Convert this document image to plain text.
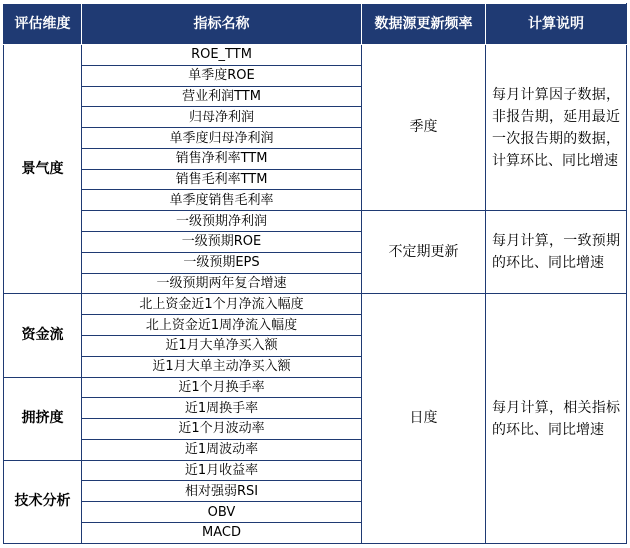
评估维度	指标名称	数据源更新频率	计算说明
景气度	ROE_TTM	季度	每月计算因子数据，非报告期，延用最近一次报告期的数据，计算环比、同比增速
	单季度ROE		
	营业利润TTM		
	归母净利润		
	单季度归母净利润		
	销售净利率TTM		
	销售毛利率TTM		
	单季度销售毛利率		
	一级预期净利润	不定期更新	每月计算，一致预期的环比、同比增速
	一级预期ROE		
	一级预期EPS		
	一级预期两年复合增速		
资金流	北上资金近1个月净流入幅度	日度	每月计算，相关指标的环比、同比增速
	北上资金近1周净流入幅度		
	近1月大单净买入额		
	近1月大单主动净买入额		
拥挤度	近1个月换手率		
	近1周换手率		
	近1个月波动率		
	近1周波动率		
技术分析	近1月收益率		
	相对强弱RSI		
	OBV		
	MACD		
